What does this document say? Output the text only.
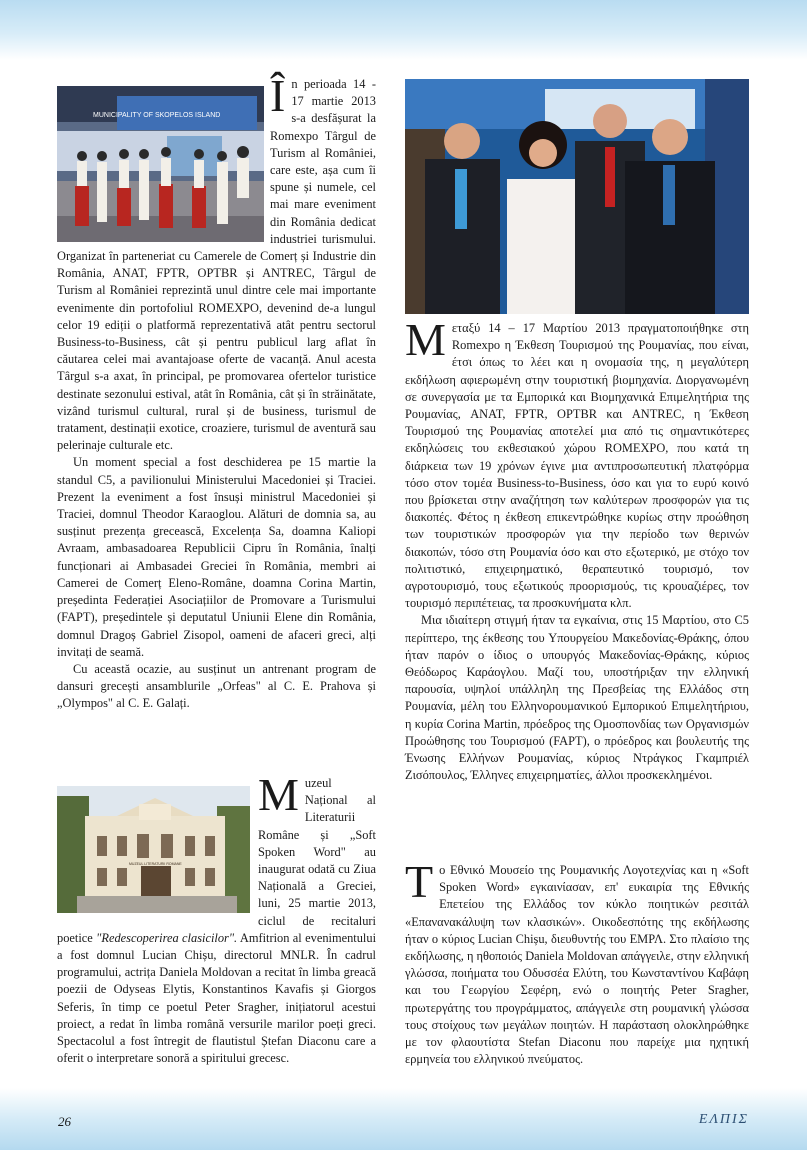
MUNICIPALITY OF SKOPELOS ISLAND În perioada 14 - 17 martie 2013 s-a desfășurat la Romexpo Târgul de Turism al României, care este, așa cum îi spune și numele, cel mai mare eveniment din România dedicat industriei turismului. Organizat în parteneriat cu Camerele de Comerț și Industrie din România, ANAT, FPTR, OPTBR și ANTREC, Târgul de Turism al României reprezintă unul dintre cele mai importante evenimente din portofoliul ROMEXPO, devenind de-a lungul celor 19 ediții o platformă reprezentativă atât pentru sectorul Business-to-Business, cât și pentru publicul larg aflat în căutarea celei mai avantajoase oferte de vacanță. Anul acesta Târgul s-a axat, în principal, pe promovarea ofertelor turistice destinate sezonului estival, atât în România, cât și în străinătate, vizând turismul cultural, rural și de business, turismul de tratament, destinații exotice, croaziere, turismul de aventură sau pelerinaje culturale etc.

Un moment special a fost deschiderea pe 15 martie la standul C5, a pavilionului Ministerului Macedoniei și Traciei. Prezent la eveniment a fost însuși ministrul Macedoniei și Traciei, domnul Theodor Karaoglou. Alături de domnia sa, au susținut prezența grecească, Excelența Sa, doamna Kaliopi Avraam, ambasadoarea Republicii Cipru în România, înalți funcționari ai Ambasadei Greciei în România, membri ai Camerei de Comerț Eleno-Române, doamna Corina Martin, președinta Federației Asociațiilor de Promovare a Turismului (FAPT), președintele și deputatul Uniunii Elene din România, domnul Dragoș Gabriel Zisopol, oameni de afaceri greci, alți invitați de seamă.

Cu această ocazie, au susținut un antrenant program de dansuri grecești ansamblurile „Orfeas" al C. E. Prahova și „Olympos" al C. E. Galați.

MUZEUL LITERATURII ROMANE

Muzeul Național al Literaturii Române și „Soft Spoken Word" au inaugurat odată cu Ziua Națională a Greciei, luni, 25 martie 2013, ciclul de recitaluri poetice "Redescoperirea clasicilor". Amfitrion al evenimentului a fost domnul Lucian Chișu, directorul MNLR. În cadrul programului, actrița Daniela Moldovan a recitat în limba greacă poezii de Odyseas Elytis, Konstantinos Kavafis și Giorgos Seferis, în timp ce poetul Peter Sragher, inițiatorul acestui proiect, a redat în limba română versurile marilor poeți greci. Spectacolul a fost întregit de flautistul Ștefan Diaconu care a oferit o interpretare sonoră a spiritului grecesc.

Μεταξύ 14 – 17 Μαρτίου 2013 πραγματοποιήθηκε στη Romexpo η Έκθεση Τουρισμού της Ρουμανίας, που είναι, έτσι όπως το λέει και η ονομασία της, η μεγαλύτερη εκδήλωση αφιερωμένη στην τουριστική βιομηχανία. Διοργανωμένη σε συνεργασία με τα Εμπορικά και Βιομηχανικά Επιμελητήρια της Ρουμανίας, ANAT, FPTR, OPTBR και ANTREC, η Έκθεση Τουρισμού της Ρουμανίας αποτελεί μια από τις σημαντικότερες εκδηλώσεις του εκθεσιακού χώρου ROMEXPO, που κατά τη διάρκεια των 19 χρόνων έγινε μια αντιπροσωπευτική πλατφόρμα τόσο στον τομέα Business-to-Business, όσο και για το ευρύ κοινό που βρίσκεται στην αναζήτηση των καλύτερων προσφορών για τις διακοπές. Φέτος η έκθεση επικεντρώθηκε κυρίως στην προώθηση των τουριστικών προσφορών για την περίοδο των θερινών διακοπών, τόσο στη Ρουμανία όσο και στο εξωτερικό, με στόχο τον πολιτιστικό, επιχειρηματικό, θεραπευτικό τουρισμό, τον αγροτουρισμό, τους εξωτικούς προορισμούς, τις κρουαζιέρες, τον τουρισμό περιπέτειας, τα προσκυνήματα κλπ.

Μια ιδιαίτερη στιγμή ήταν τα εγκαίνια, στις 15 Μαρτίου, στο C5 περίπτερο, της έκθεσης του Υπουργείου Μακεδονίας-Θράκης, όπου ήταν παρόν ο ίδιος ο υπουργός Μακεδονίας-Θράκης, κύριος Θεόδωρος Καράογλου. Μαζί του, υποστήριξαν την ελληνική παρουσία, υψηλοί υπάλληλη της Πρεσβείας της Ελλάδος στη Ρουμανία, μέλη του Ελληνορουμανικού Εμπορικού Επιμελητήριου, η κυρία Corina Martin, πρόεδρος της Ομοσπονδίας των Οργανισμών Προώθησης του Τουρισμού (FAPT), ο πρόεδρος και βουλευτής της Ένωσης Ελλήνων Ρουμανίας, κύριος Ντράγκος Γκαμπριέλ Ζισόπουλος, Έλληνες επιχειρηματίες, άλλοι προσκεκλημένοι.

Το Εθνικό Μουσείο της Ρουμανικής Λογοτεχνίας και η «Soft Spoken Word» εγκαινίασαν, επ' ευκαιρία της Εθνικής Επετείου της Ελλάδος τον κύκλο ποιητικών ρεσιτάλ «Επανανακάλυψη των κλασικών». Οικοδεσπότης της εκδήλωσης ήταν ο κύριος Lucian Chișu, διευθυντής του ΕΜΡΛ. Στο πλαίσιο της εκδήλωσης, η ηθοποιός Daniela Moldovan απάγγειλε, στην ελληνική γλώσσα, ποιήματα του Οδυσσέα Ελύτη, του Κωνσταντίνου Καβάφη και του Γεωργίου Σεφέρη, ενώ ο ποιητής Peter Sragher, πρωτεργάτης του προγράμματος, απάγγειλε στη ρουμανική γλώσσα τους στοίχους των μεγάλων ποιητών. Η παράσταση ολοκληρώθηκε με τον φλαουτίστα Stefan Diaconu που παρείχε μια ηχητική ερμηνεία του ελληνικού πνεύματος.

26	ΕΛΠΙΣ
